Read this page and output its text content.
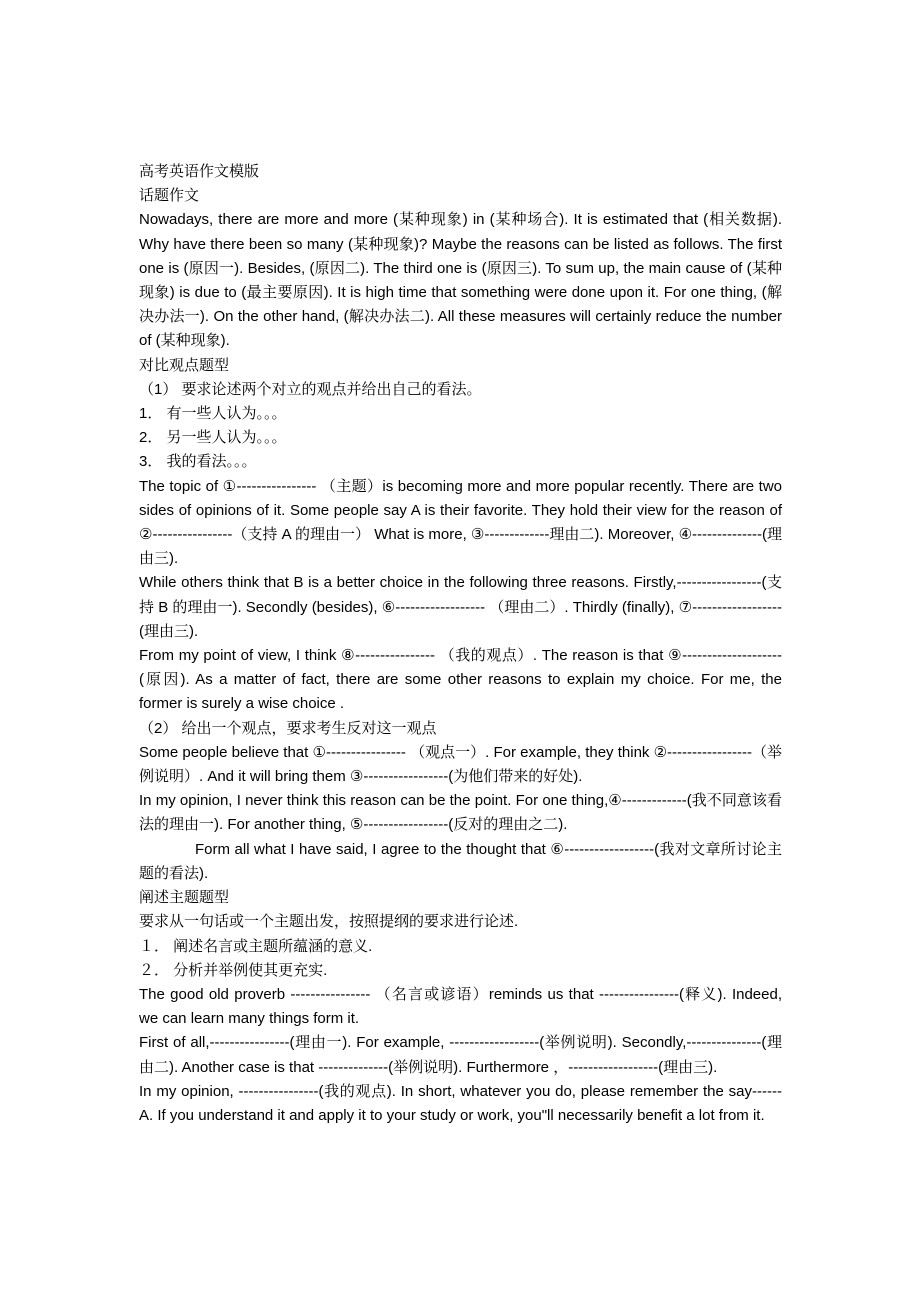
高考英语作文模版

话题作文

Nowadays, there are more and more (某种现象) in (某种场合). It is estimated that (相关数据). Why have there been so many (某种现象)? Maybe the reasons can be listed as follows. The first one is (原因一). Besides, (原因二). The third one is (原因三). To sum up, the main cause of (某种现象) is due to (最主要原因). It is high time that something were done upon it. For one thing, (解决办法一). On the other hand, (解决办法二). All these measures will certainly reduce the number of (某种现象).

对比观点题型

（1） 要求论述两个对立的观点并给出自己的看法。

1． 有一些人认为。。。

2． 另一些人认为。。。

3． 我的看法。。。

The topic of ①---------------- （主题）is becoming more and more popular recently. There are two sides of opinions of it. Some people say A is their favorite. They hold their view for the reason of ②----------------（支持 A 的理由一） What is more, ③-------------理由二). Moreover, ④--------------(理由三).

While others think that B is a better choice in the following three reasons. Firstly,-----------------(支持 B 的理由一). Secondly (besides), ⑥------------------ （理由二）. Thirdly (finally), ⑦------------------(理由三).

From my point of view, I think ⑧---------------- （我的观点）. The reason is that ⑨--------------------(原因). As a matter of fact, there are some other reasons to explain my choice. For me, the former is surely a wise choice .

（2） 给出一个观点，要求考生反对这一观点

Some people believe that ①---------------- （观点一）. For example, they think ②-----------------（举例说明）. And it will bring them ③-----------------(为他们带来的好处).

In my opinion, I never think this reason can be the point. For one thing,④-------------(我不同意该看法的理由一). For another thing, ⑤-----------------(反对的理由之二).

Form all what I have said, I agree to the thought that ⑥------------------(我对文章所讨论主题的看法).

阐述主题题型

要求从一句话或一个主题出发，按照提纲的要求进行论述.

１． 阐述名言或主题所蕴涵的意义.

２． 分析并举例使其更充实.

The good old proverb ---------------- （名言或谚语）reminds us that ----------------(释义). Indeed, we can learn many things form it.

First of all,----------------(理由一). For example, ------------------(举例说明). Secondly,---------------(理由二). Another case is that --------------(举例说明). Furthermore ，------------------(理由三).

In my opinion, ----------------(我的观点). In short, whatever you do, please remember the say------A. If you understand it and apply it to your study or work, you"ll necessarily benefit a lot from it.
